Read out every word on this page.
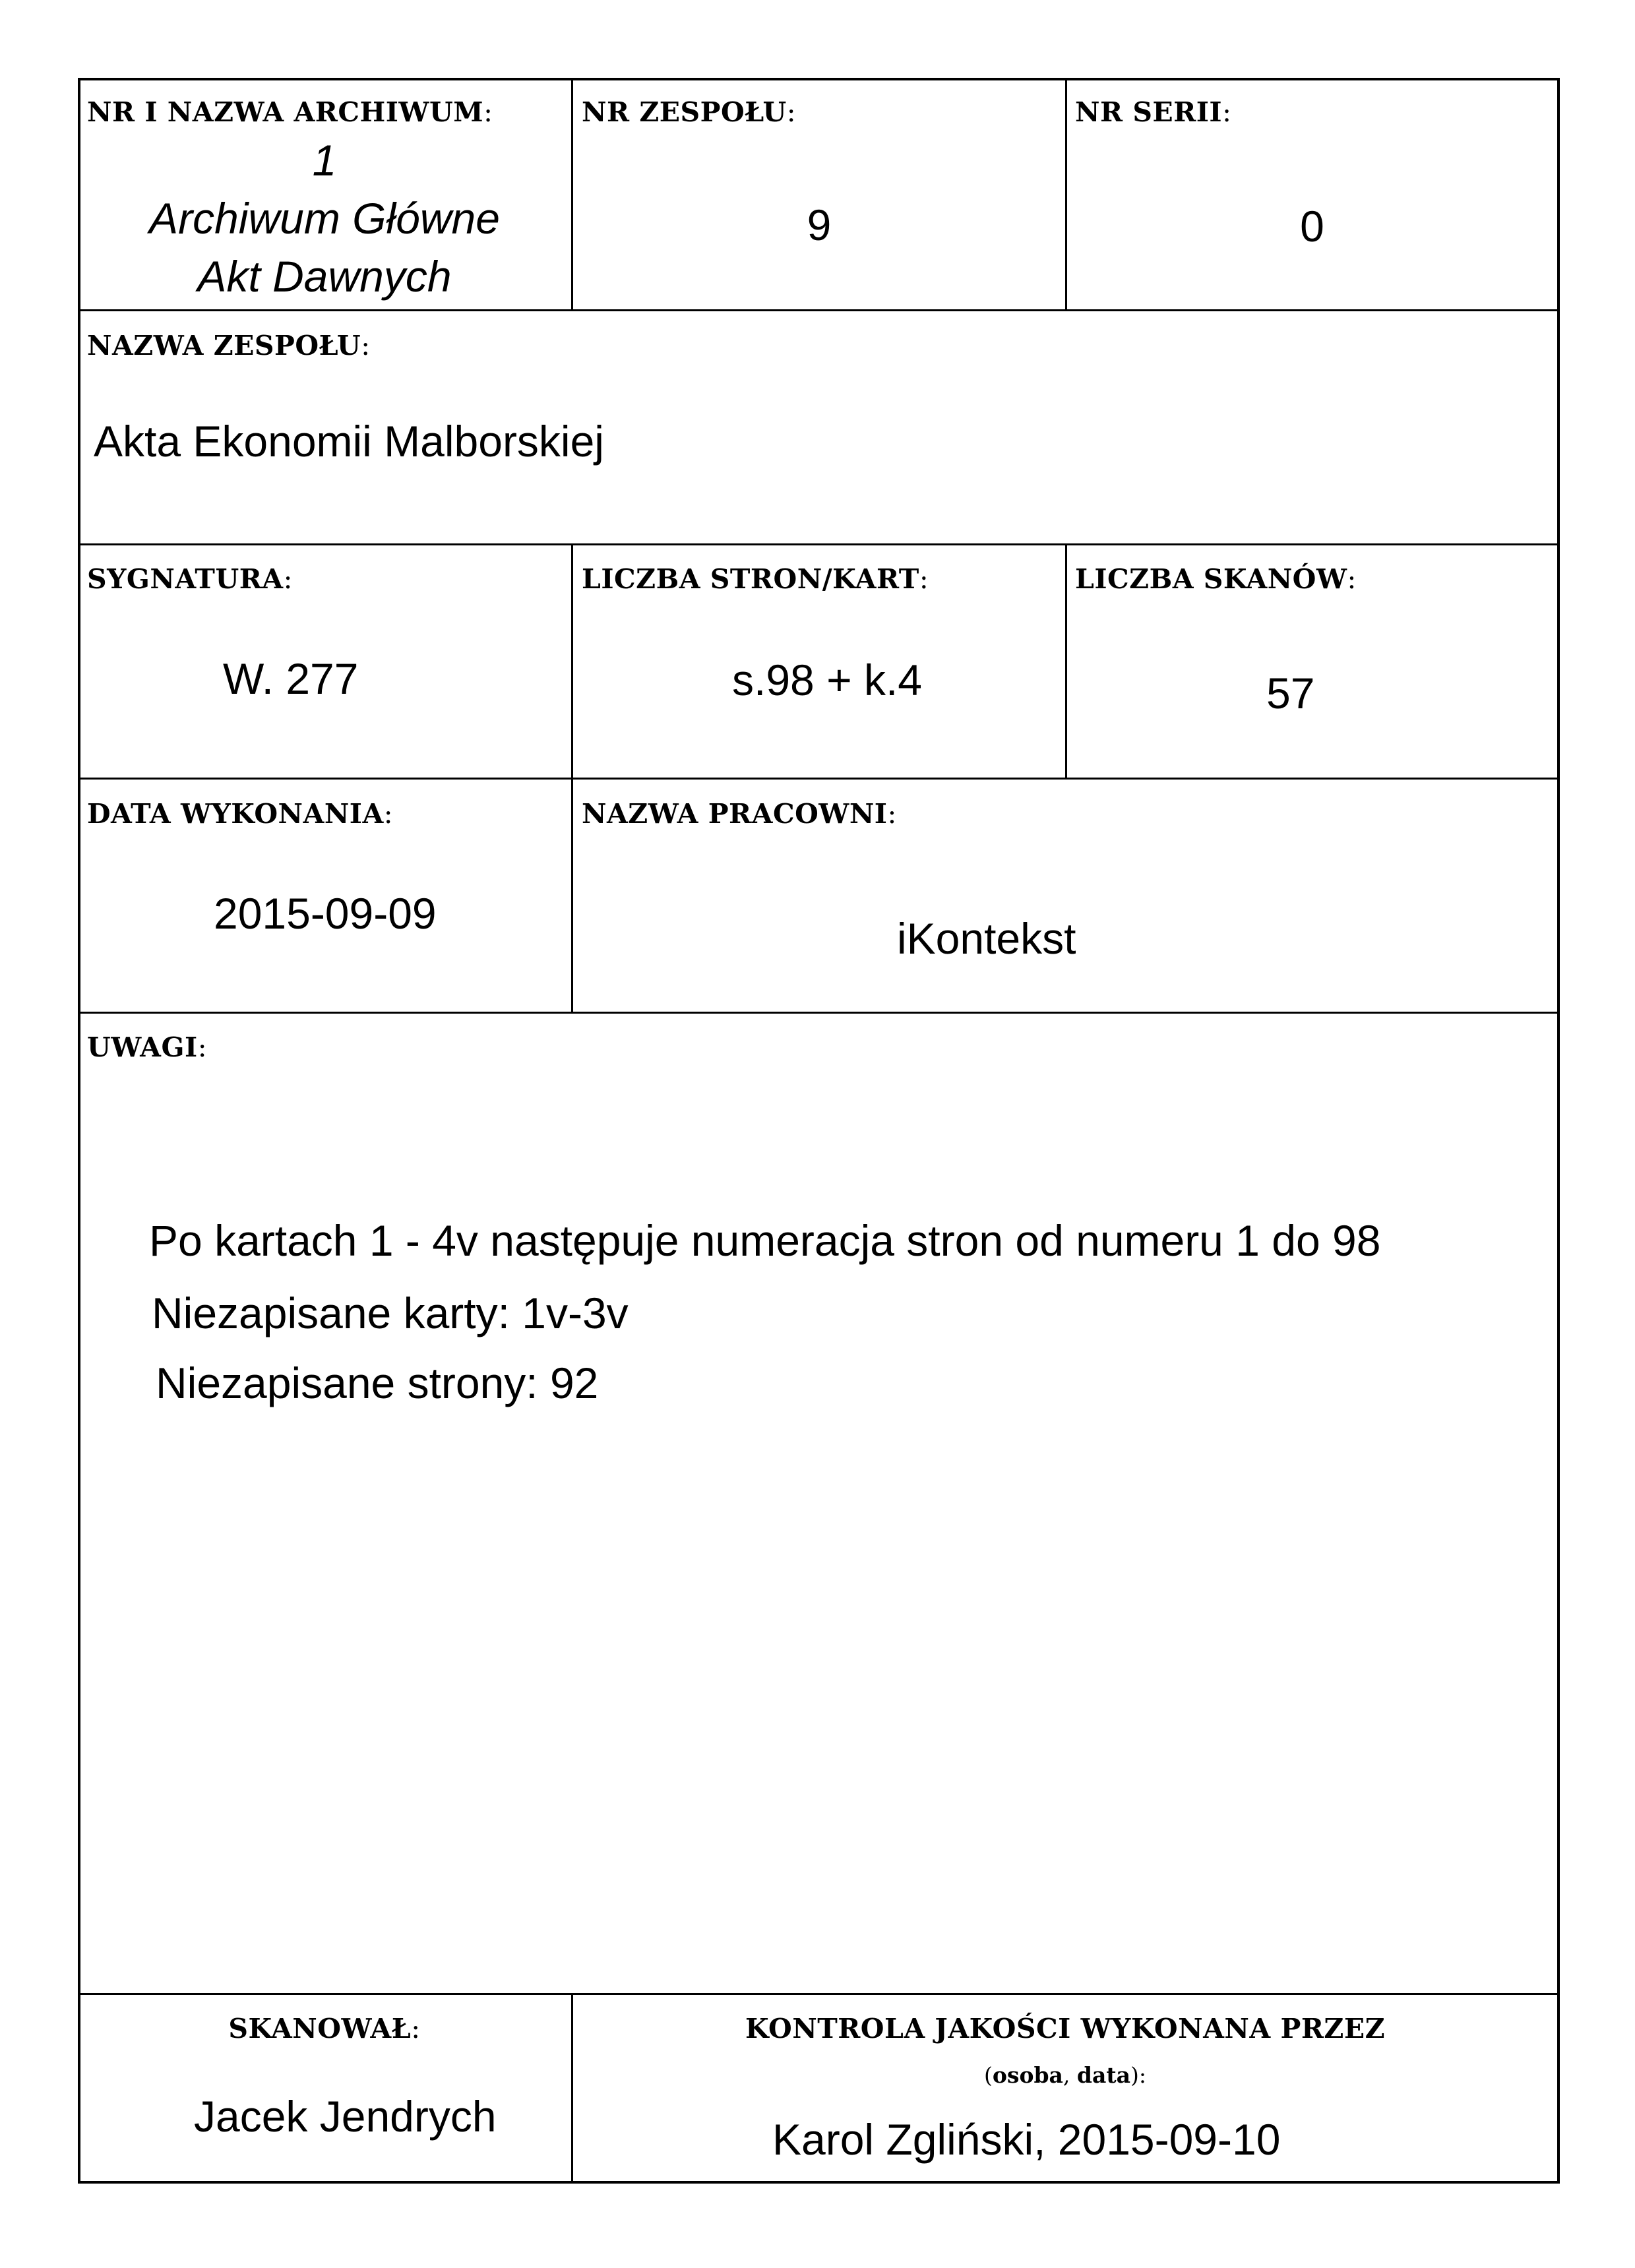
NR I NAZWA ARCHIWUM:
1
Archiwum Główne
Akt Dawnych
NR ZESPOŁU:
9
NR SERII:
0
NAZWA ZESPOŁU:
Akta Ekonomii Malborskiej
SYGNATURA:
W. 277
LICZBA STRON/KART:
s.98 + k.4
LICZBA SKANÓW:
57
DATA WYKONANIA:
2015-09-09
NAZWA PRACOWNI:
iKontekst
UWAGI:
Po kartach 1 - 4v następuje numeracja stron od numeru 1 do 98
Niezapisane karty: 1v-3v
Niezapisane strony: 92
SKANOWAŁ:
Jacek Jendrych
KONTROLA JAKOŚCI WYKONANA PRZEZ
(osoba, data):
Karol Zgliński, 2015-09-10
